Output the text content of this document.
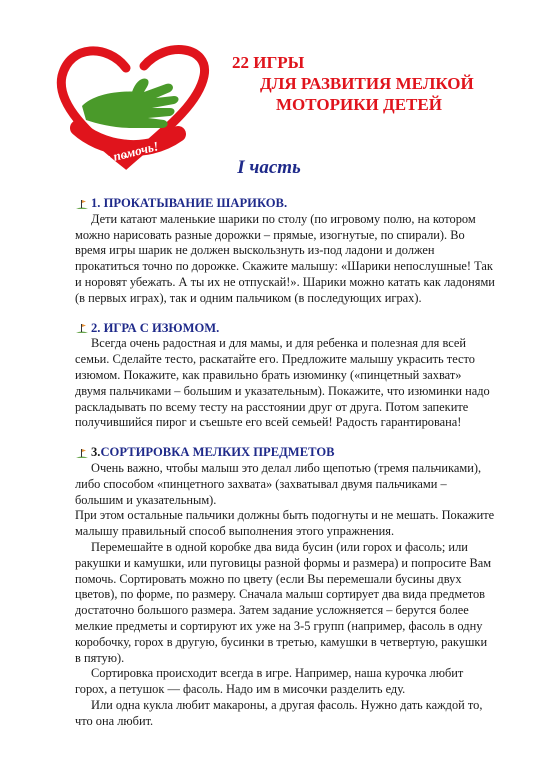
хочу помочь!
22 ИГРЫ
ДЛЯ РАЗВИТИЯ МЕЛКОЙ
МОТОРИКИ ДЕТЕЙ
I часть
1. ПРОКАТЫВАНИЕ ШАРИКОВ.

Дети катают маленькие шарики по столу (по игровому полю, на котором можно нарисовать разные дорожки – прямые, изогнутые, по спирали). Во время игры шарик не должен выскользнуть из-под ладони и должен прокатиться точно по дорожке. Скажите малышу: «Шарики непослушные! Так и норовят убежать. А ты их не отпускай!». Шарики можно катать как ладонями (в первых играх), так и одним пальчиком (в последующих играх).

2. ИГРА С ИЗЮМОМ.

Всегда очень радостная и для мамы, и для ребенка и полезная для всей семьи. Сделайте тесто, раскатайте его. Предложите малышу украсить тесто изюмом. Покажите, как правильно брать изюминку («пинцетный захват» двумя пальчиками – большим и указательным). Покажите, что изюминки надо раскладывать по всему тесту на расстоянии друг от друга. Потом запеките получившийся пирог и съешьте его всей семьей! Радость гарантирована!

3. СОРТИРОВКА МЕЛКИХ ПРЕДМЕТОВ

Очень важно, чтобы малыш это делал либо щепотью (тремя пальчиками), либо способом «пинцетного захвата» (захватывал двумя пальчиками – большим и указательным).

При этом остальные пальчики должны быть подогнуты и не мешать. Покажите малышу правильный способ выполнения этого упражнения.

Перемешайте в одной коробке два вида бусин (или горох и фасоль; или ракушки и камушки, или пуговицы разной формы и размера) и попросите Вам помочь. Сортировать можно по цвету (если Вы перемешали бусины двух цветов), по форме, по размеру. Сначала малыш сортирует два вида предметов достаточно большого размера. Затем задание усложняется – берутся более мелкие предметы и сортируют их уже на 3-5 групп (например, фасоль в одну коробочку, горох в другую, бусинки в третью, камушки в четвертую, ракушки в пятую).

Сортировка происходит всегда в игре. Например, наша курочка любит горох, а петушок — фасоль. Надо им в мисочки разделить еду.

Или одна кукла любит макароны, а другая фасоль. Нужно дать каждой то, что она любит.
